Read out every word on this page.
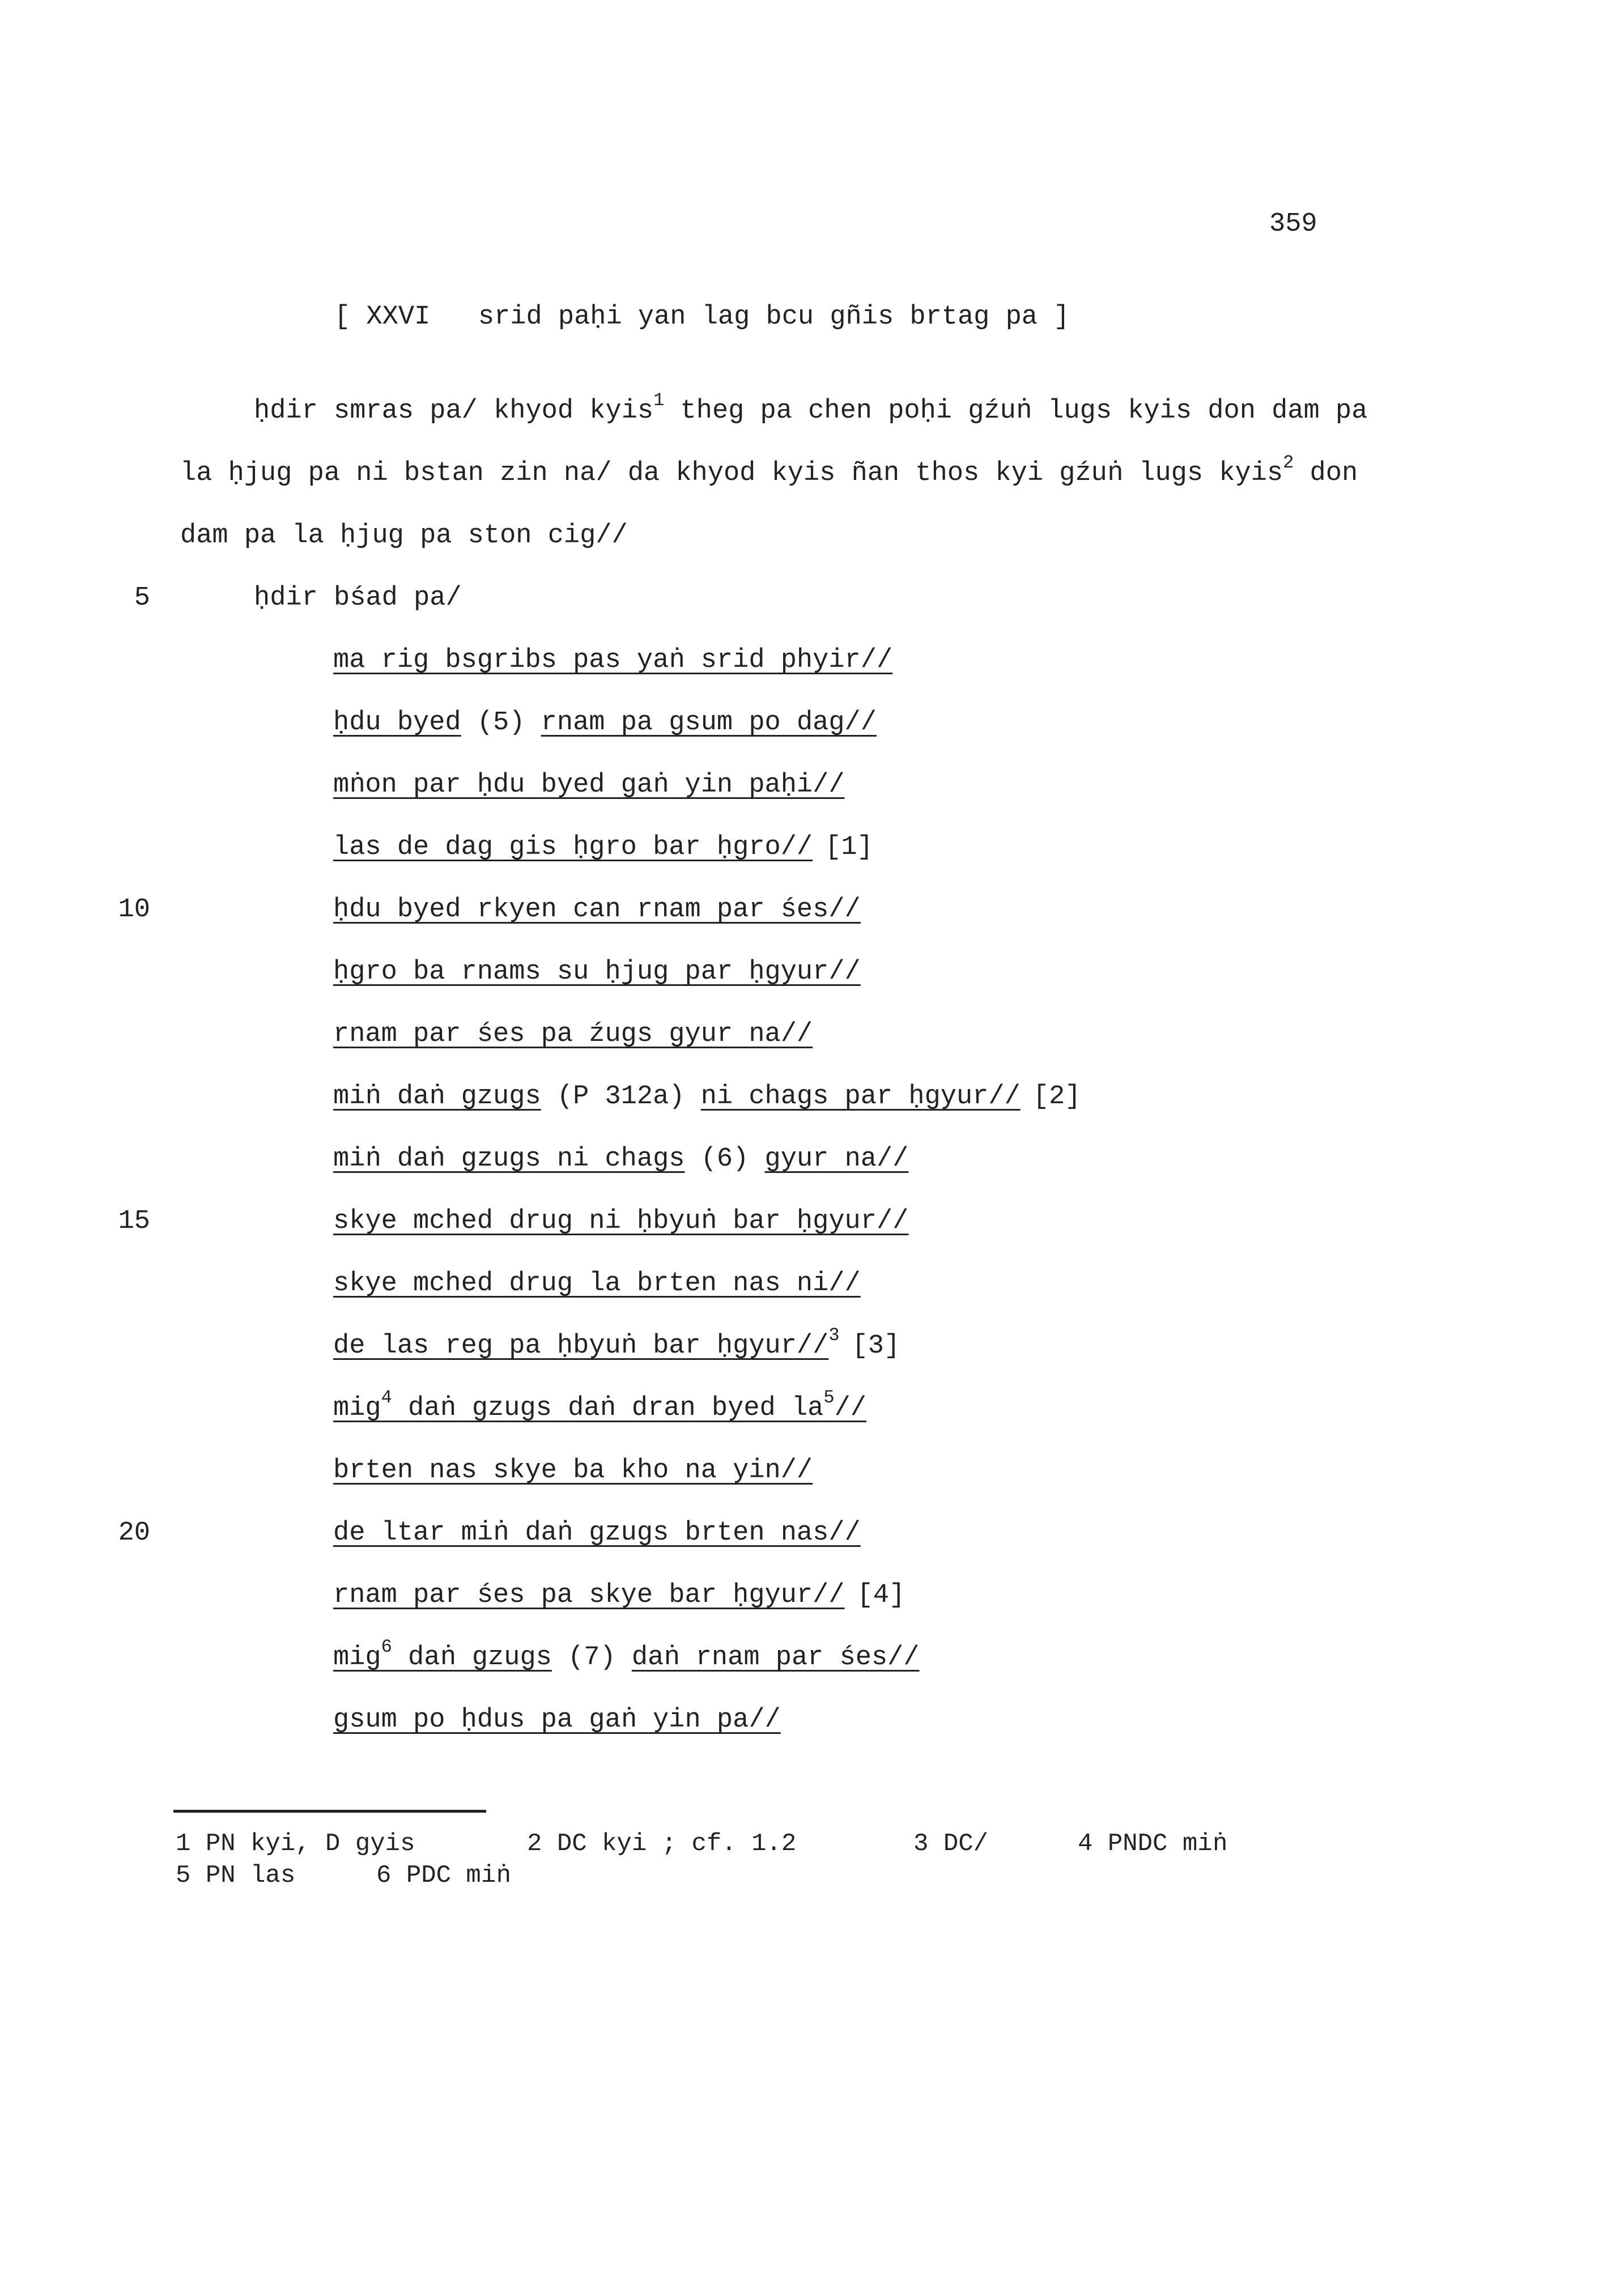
359
[ XXVI   srid paḥi yan lag bcu gñis brtag pa ]
ḥdir smras pa/ khyod kyis$^1$ theg pa chen poḥi gźuṅ lugs kyis don dam pa
la ḥjug pa ni bstan zin na/ da khyod kyis ñan thos kyi gźuṅ lugs kyis$^2$ don
dam pa la ḥjug pa ston cig//
ḥdir bśad pa/
5
10
15
20
ma rig bsgribs pas yaṅ srid phyir//
ḥdu byed (5) rnam pa gsum po dag//
mṅon par ḥdu byed gaṅ yin paḥi//
las de dag gis ḥgro bar ḥgro// [1]
ḥdu byed rkyen can rnam par śes//
ḥgro ba rnams su ḥjug par ḥgyur//
rnam par śes pa źugs gyur na//
miṅ daṅ gzugs (P 312a) ni chags par ḥgyur// [2]
miṅ daṅ gzugs ni chags (6) gyur na//
skye mched drug ni ḥbyuṅ bar ḥgyur//
skye mched drug la brten nas ni//
de las reg pa ḥbyuṅ bar ḥgyur//$^3$ [3]
mig$^4$ daṅ gzugs daṅ dran byed $la^5//$
brten nas skye ba kho na yin//
de ltar miṅ daṅ gzugs brten nas//
rnam par śes pa skye bar ḥgyur// [4]
mig$^6$ daṅ gzugs (7) daṅ rnam par śes//
gsum po ḥdus pa gaṅ yin pa//
1 PN kyi, D gyis	2 DC kyi ; cf. 1.2	3 DC/	4 PNDC miṅ
5 PN las	6 PDC miṅ
